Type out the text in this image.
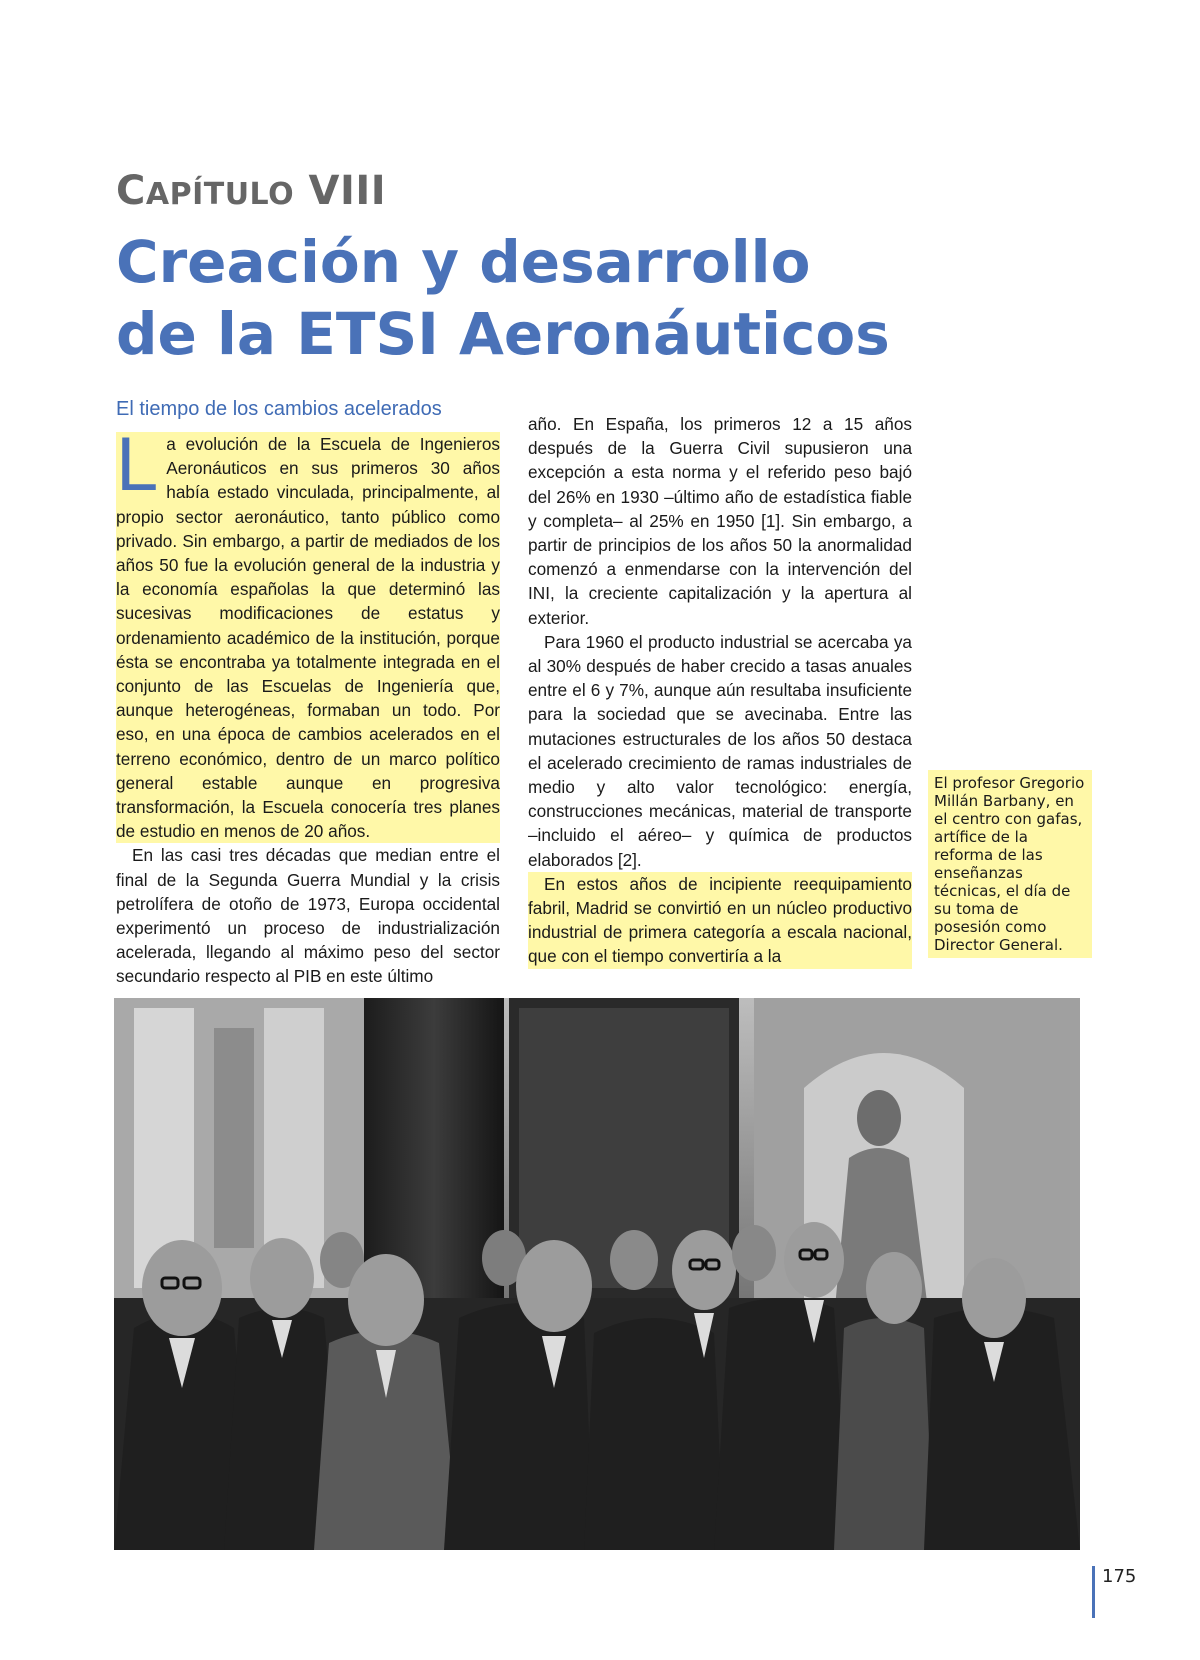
CAPÍTULO VIII
Creación y desarrollo
de la ETSI Aeronáuticos
El tiempo de los cambios acelerados

La evolución de la Escuela de Ingenieros Aeronáuticos en sus primeros 30 años había estado vinculada, principalmente, al propio sector aeronáutico, tanto público como privado. Sin embargo, a partir de mediados de los años 50 fue la evolución general de la industria y la economía españolas la que determinó las sucesivas modificaciones de estatus y ordenamiento académico de la institución, porque ésta se encontraba ya totalmente integrada en el conjunto de las Escuelas de Ingeniería que, aunque heterogéneas, formaban un todo. Por eso, en una época de cambios acelerados en el terreno económico, dentro de un marco político general estable aunque en progresiva transformación, la Escuela conocería tres planes de estudio en menos de 20 años.

En las casi tres décadas que median entre el final de la Segunda Guerra Mundial y la crisis petrolífera de otoño de 1973, Europa occidental experimentó un proceso de industrialización acelerada, llegando al máximo peso del sector secundario respecto al PIB en este último

año. En España, los primeros 12 a 15 años después de la Guerra Civil supusieron una excepción a esta norma y el referido peso bajó del 26% en 1930 –último año de estadística fiable y completa– al 25% en 1950 [1]. Sin embargo, a partir de principios de los años 50 la anormalidad comenzó a enmendarse con la intervención del INI, la creciente capitalización y la apertura al exterior.

Para 1960 el producto industrial se acercaba ya al 30% después de haber crecido a tasas anuales entre el 6 y 7%, aunque aún resultaba insuficiente para la sociedad que se avecinaba. Entre las mutaciones estructurales de los años 50 destaca el acelerado crecimiento de ramas industriales de medio y alto valor tecnológico: energía, construcciones mecánicas, material de transporte –incluido el aéreo– y química de productos elaborados [2].

En estos años de incipiente reequipamiento fabril, Madrid se convirtió en un núcleo productivo industrial de primera categoría a escala nacional, que con el tiempo convertiría a la

El profesor Gregorio Millán Barbany, en el centro con gafas, artífice de la reforma de las enseñanzas técnicas, el día de su toma de posesión como Director General.
175
